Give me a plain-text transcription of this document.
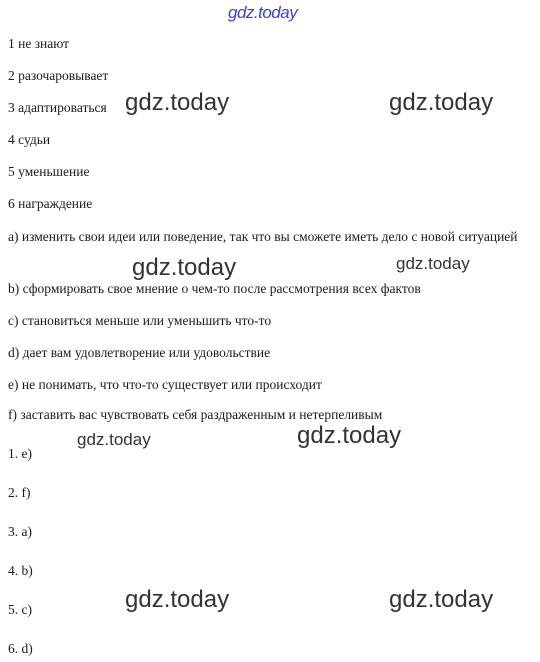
gdz.today
1 не знают
2 разочаровывает
3 адаптироваться
4 судьи
5 уменьшение
6 награждение
a) изменить свои идеи или поведение, так что вы сможете иметь дело с новой ситуацией
b) сформировать свое мнение о чем-то после рассмотрения всех фактов
c) становиться меньше или уменьшить что-то
d) дает вам удовлетворение или удовольствие
e) не понимать, что что-то существует или происходит
f) заставить вас чувствовать себя раздраженным и нетерпеливым
1. e)
2. f)
3. a)
4. b)
5. c)
6. d)
gdz.today	gdz.today
gdz.today	gdz.today
gdz.today	gdz.today
gdz.today	gdz.today
